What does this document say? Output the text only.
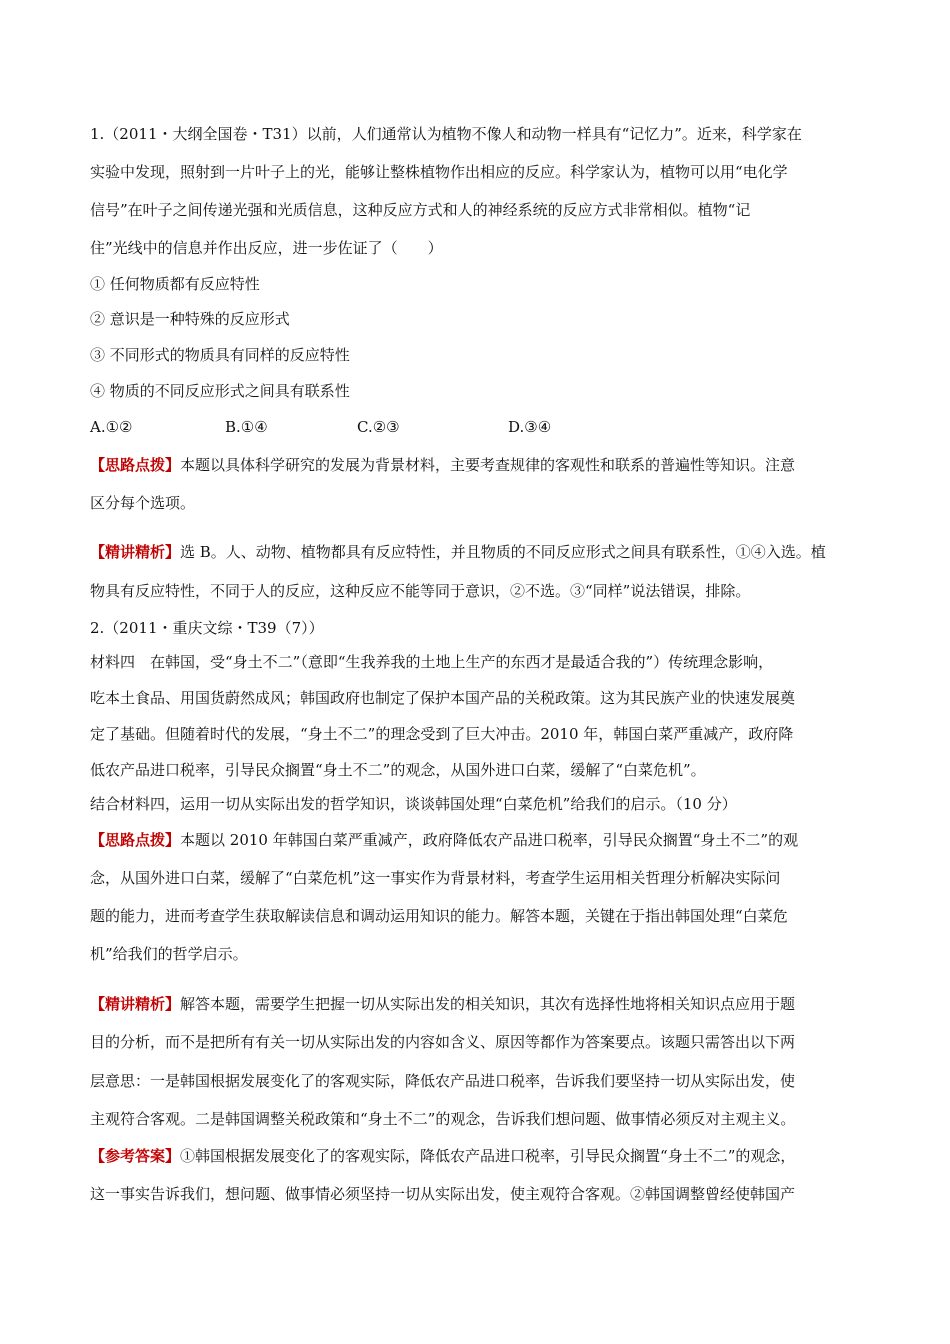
1.（2011・大纲全国卷・T31）以前，人们通常认为植物不像人和动物一样具有“记忆力”。近来，科学家在
实验中发现，照射到一片叶子上的光，能够让整株植物作出相应的反应。科学家认为，植物可以用“电化学
信号”在叶子之间传递光强和光质信息，这种反应方式和人的神经系统的反应方式非常相似。植物“记
住”光线中的信息并作出反应，进一步佐证了（　　）
① 任何物质都有反应特性
② 意识是一种特殊的反应形式
③ 不同形式的物质具有同样的反应特性
④ 物质的不同反应形式之间具有联系性
A.①②	B.①④	C.②③	D.③④
【思路点拨】本题以具体科学研究的发展为背景材料，主要考查规律的客观性和联系的普遍性等知识。注意
区分每个选项。
【精讲精析】选 B。人、动物、植物都具有反应特性，并且物质的不同反应形式之间具有联系性，①④入选。植
物具有反应特性，不同于人的反应，这种反应不能等同于意识，②不选。③“同样”说法错误，排除。
2.（2011・重庆文综・T39（7））
材料四　在韩国，受“身土不二”（意即“生我养我的土地上生产的东西才是最适合我的”）传统理念影响，
吃本土食品、用国货蔚然成风；韩国政府也制定了保护本国产品的关税政策。这为其民族产业的快速发展奠
定了基础。但随着时代的发展，“身土不二”的理念受到了巨大冲击。2010 年，韩国白菜严重减产，政府降
低农产品进口税率，引导民众搁置“身土不二”的观念，从国外进口白菜，缓解了“白菜危机”。
结合材料四，运用一切从实际出发的哲学知识，谈谈韩国处理“白菜危机”给我们的启示。（10 分）
【思路点拨】本题以 2010 年韩国白菜严重减产，政府降低农产品进口税率，引导民众搁置“身土不二”的观
念，从国外进口白菜，缓解了“白菜危机”这一事实作为背景材料，考查学生运用相关哲理分析解决实际问
题的能力，进而考查学生获取解读信息和调动运用知识的能力。解答本题，关键在于指出韩国处理“白菜危
机”给我们的哲学启示。
【精讲精析】解答本题，需要学生把握一切从实际出发的相关知识，其次有选择性地将相关知识点应用于题
目的分析，而不是把所有有关一切从实际出发的内容如含义、原因等都作为答案要点。该题只需答出以下两
层意思：一是韩国根据发展变化了的客观实际，降低农产品进口税率，告诉我们要坚持一切从实际出发，使
主观符合客观。二是韩国调整关税政策和“身土不二”的观念，告诉我们想问题、做事情必须反对主观主义。
【参考答案】①韩国根据发展变化了的客观实际，降低农产品进口税率，引导民众搁置“身土不二”的观念，
这一事实告诉我们，想问题、做事情必须坚持一切从实际出发，使主观符合客观。②韩国调整曾经使韩国产
